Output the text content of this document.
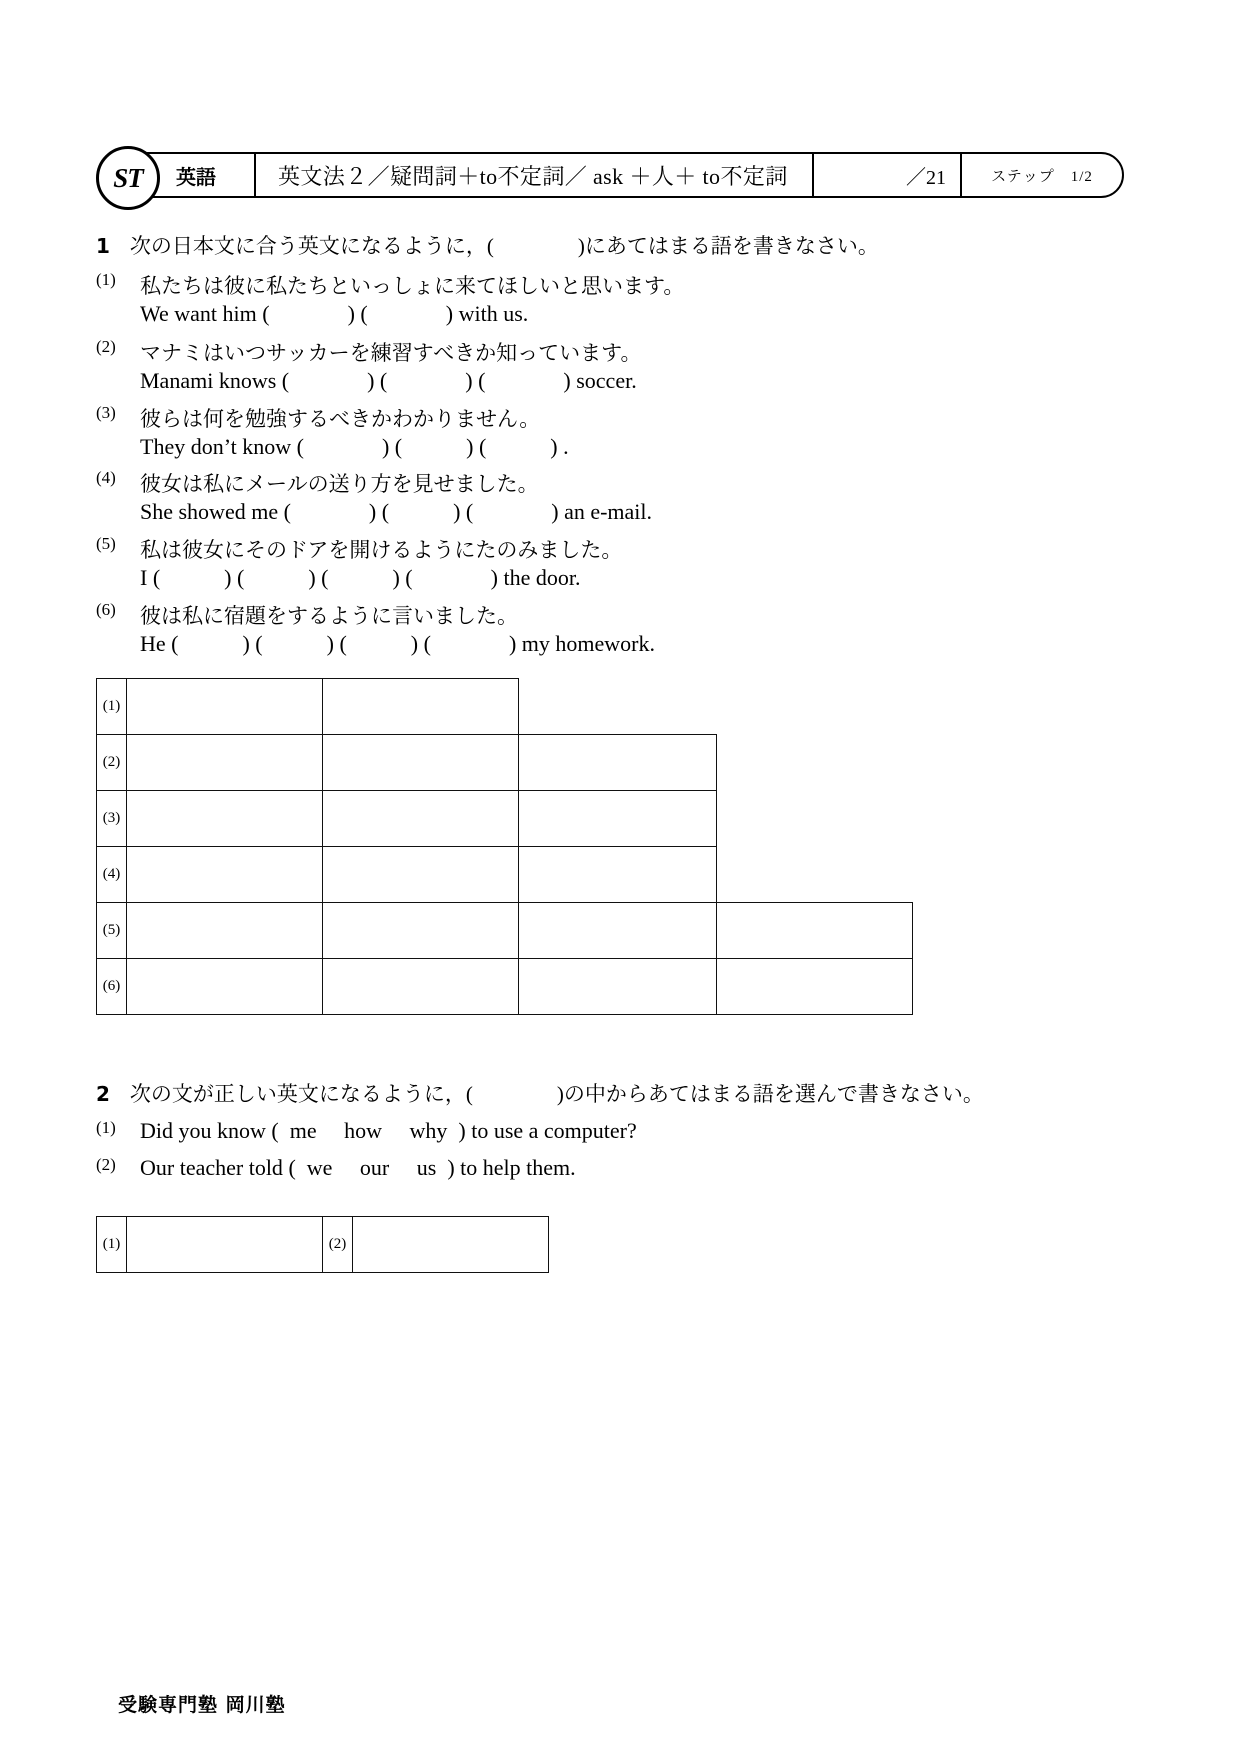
英語	英文法２／疑問詞＋to不定詞／ ask ＋人＋ to不定詞	／21	ステップ　1/2
ST
1 次の日本文に合う英文になるように，(　　　　)にあてはまる語を書きなさい。
(1)	私たちは彼に私たちといっしょに来てほしいと思います。
We want him (	) (	) with us.
(2)	マナミはいつサッカーを練習すべきか知っています。
Manami knows (	) (	) (	) soccer.
(3)	彼らは何を勉強するべきかわかりません。
They don’t know (	) (	) (	) .
(4)	彼女は私にメールの送り方を見せました。
She showed me (	) (	) (	) an e-mail.
(5)	私は彼女にそのドアを開けるようにたのみました。
I (	) (	) (	) (	) the door.
(6)	彼は私に宿題をするように言いました。
He (	) (	) (	) (	) my homework.
(1)				
(2)				
(3)				
(4)				
(5)				
(6)				
2 次の文が正しい英文になるように，(　　　　)の中からあてはまる語を選んで書きなさい。
(1)	Did you know (  me how why  ) to use a computer?
(2)	Our teacher told (  we our us  ) to help them.
(1)		(2)	
受験専門塾 岡川塾
